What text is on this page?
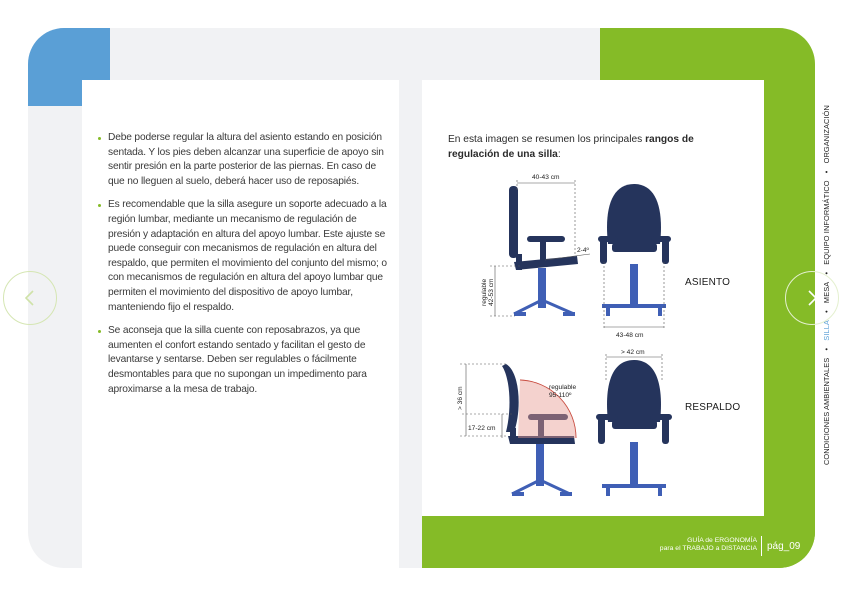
Debe poderse regular la altura del asiento estando en posición sentada. Y los pies deben alcanzar una superficie de apoyo sin sentir presión en la parte posterior de las piernas. En caso de que no lleguen al suelo, deberá hacer uso de reposapiés.
Es recomendable que la silla asegure un soporte adecuado a la región lumbar, mediante un mecanismo de regulación de presión y adaptación en altura del apoyo lumbar. Este ajuste se puede conseguir con mecanismos de regulación en altura del respaldo, que permiten el movimiento del conjunto del mismo; o con mecanismos de regulación en altura del apoyo lumbar que permiten el movimiento del dispositivo de apoyo lumbar, manteniendo fijo el respaldo.
Se aconseja que la silla cuente con reposabrazos, ya que aumenten el confort estando sentado y facilitan el gesto de levantarse y sentarse. Deben ser regulables o fácilmente desmontables para que no supongan un impedimento para aproximarse a la mesa de trabajo.
En esta imagen se resumen los principales rangos de regulación de una silla:
40-43 cm
2-4º
regulable 42-53 cm
43-48 cm
> 36 cm
17-22 cm
regulable
95-110º
> 42 cm
ASIENTO
RESPALDO
GUÍA de ERGONOMÍA
para el TRABAJO a DISTANCIA pág_09
CONDICIONES AMBIENTALES • SILLA • MESA • EQUIPO INFORMÁTICO • ORGANIZACIÓN
